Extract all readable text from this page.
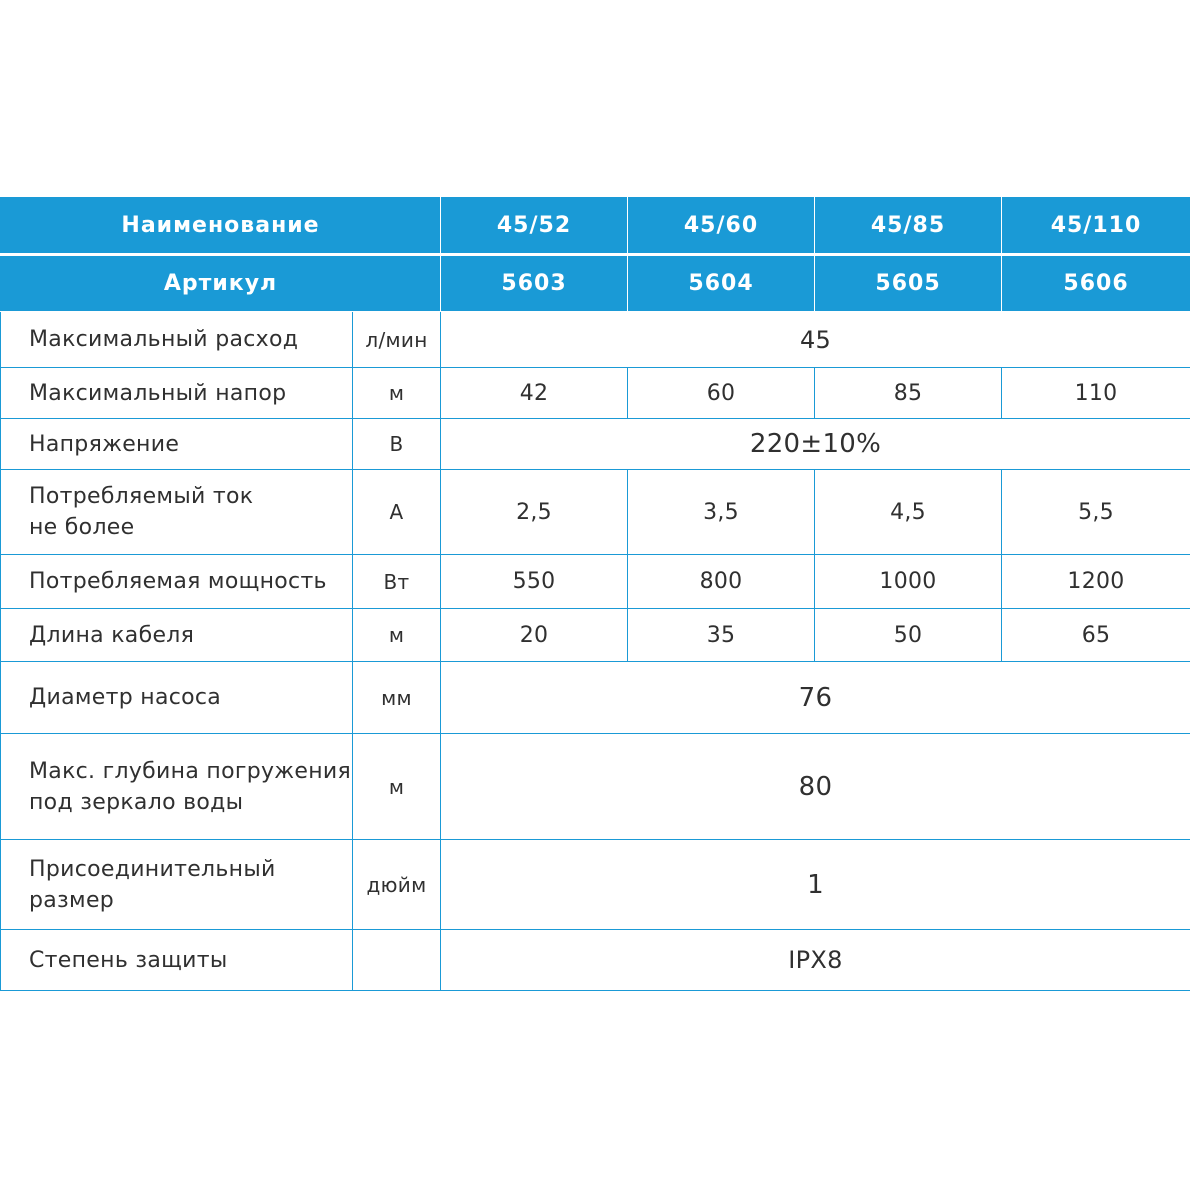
Наименование		45/52	45/60	45/85	45/110
Артикул		5603	5604	5605	5606
Максимальный расход	л/мин	45			
Максимальный напор	м	42	60	85	110
Напряжение	В	220±10%			
Потребляемый ток
не более	А	2,5	3,5	4,5	5,5
Потребляемая мощность	Вт	550	800	1000	1200
Длина кабеля	м	20	35	50	65
Диаметр насоса	мм	76			
Макс. глубина погружения
под зеркало воды	м	80			
Присоединительный размер	дюйм	1			
Степень защиты		IPX8			
